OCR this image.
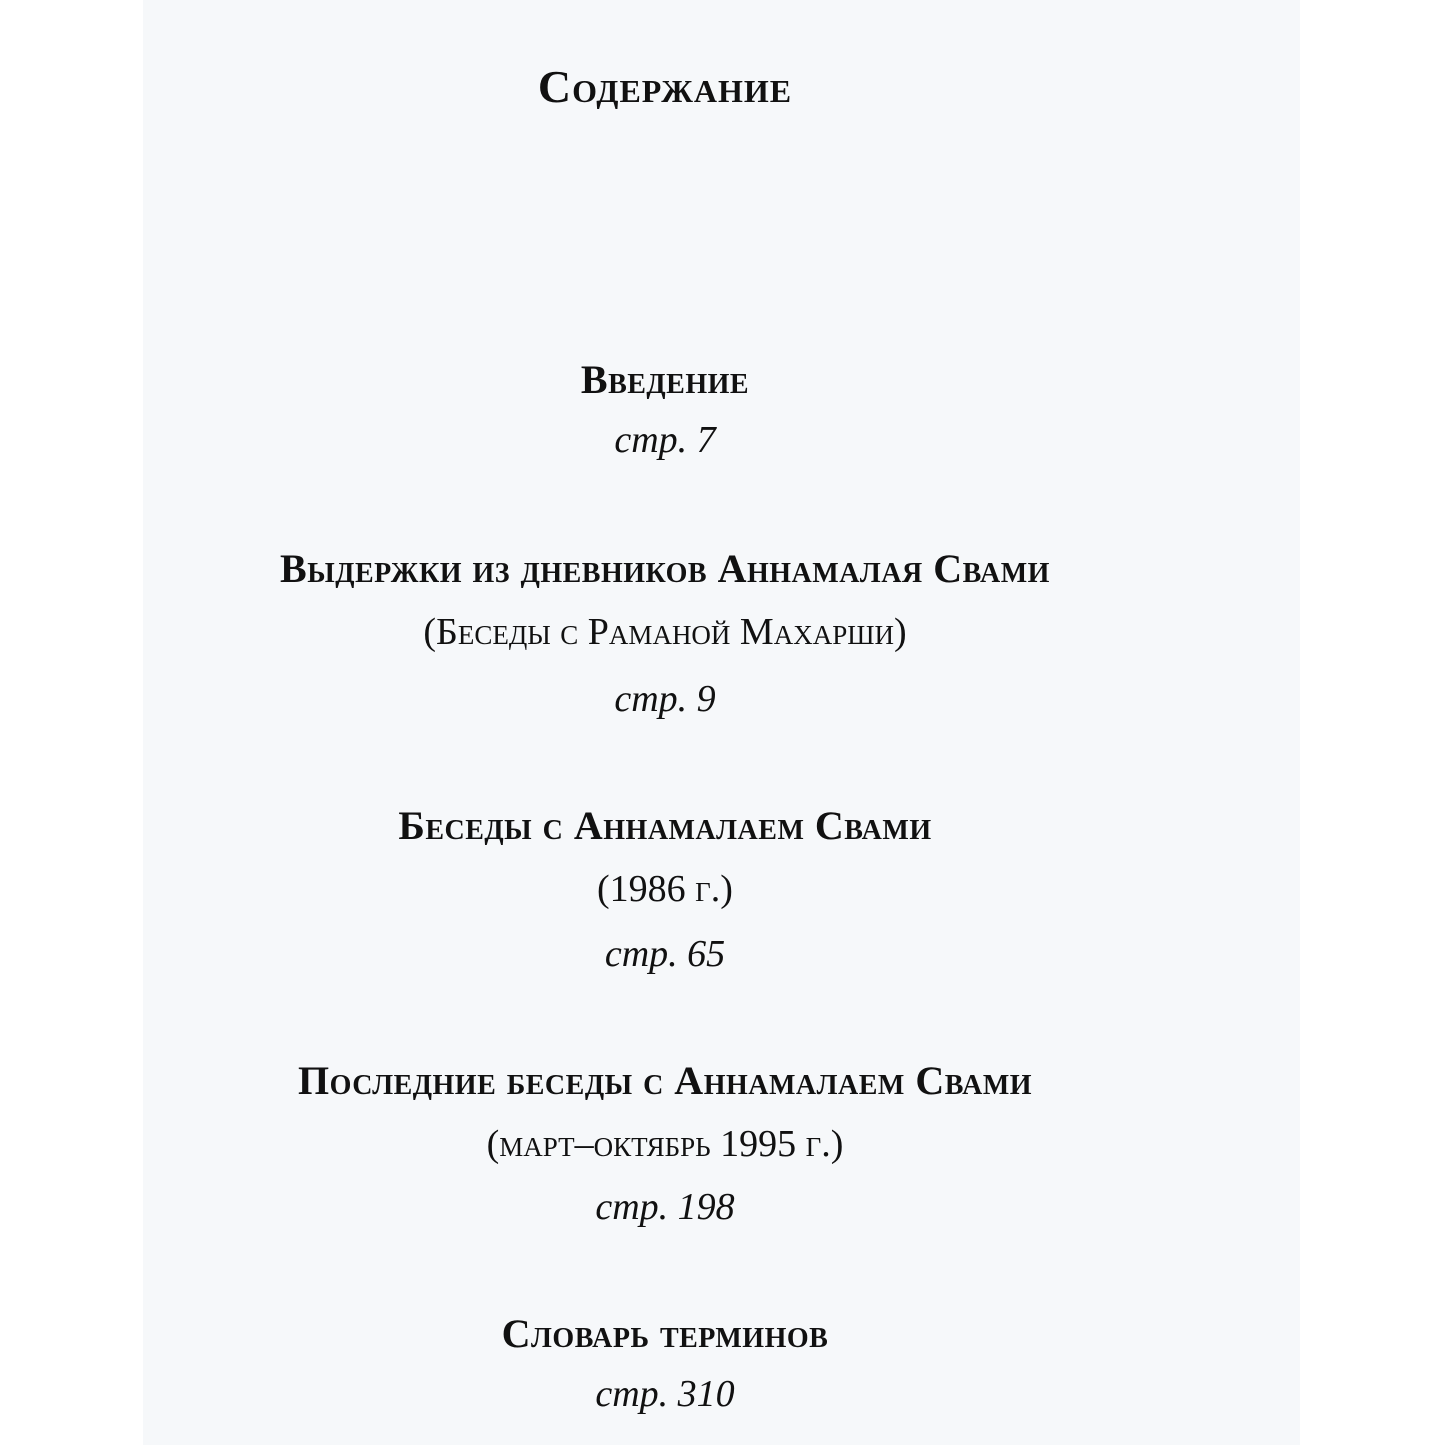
Содержание
Введение
стр. 7
Выдержки из дневников Аннамалая Свами
(Беседы с Раманой Махарши)
стр. 9
Беседы с Аннамалаем Свами
(1986 г.)
стр. 65
Последние беседы с Аннамалаем Свами
(март–октябрь 1995 г.)
стр. 198
Словарь терминов
стр. 310
